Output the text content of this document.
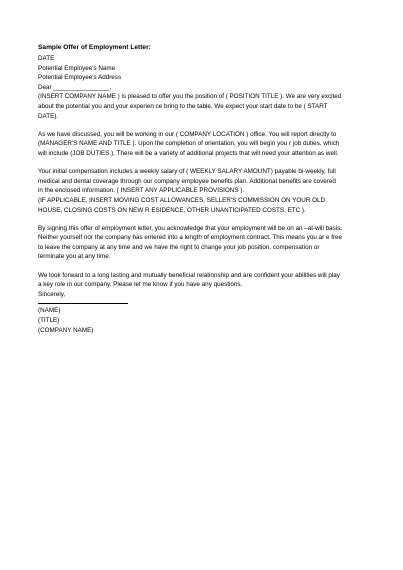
Sample Offer of Employment Letter:
DATE
Potential Employee's Name
Potential Employee's Address
Dear ________________,
(INSERT COMPANY NAME ) is pleased to offer you the position of ( POSITION TITLE ). We are very excited
about the potential you and your experien ce bring to the table. We expect your start date to be ( START
DATE).
As we have discussed, you will be working in our ( COMPANY LOCATION ) office. You will report directly to
(MANAGER'S NAME AND TITLE ). Upon the completion of orientation, you will begin you r job duties, which
will include (JOB DUTIES ). There will be a variety of additional projects that will need your attention as well.
Your initial compensation includes a weekly salary of ( WEEKLY SALARY AMOUNT) payable bi-weekly, full
medical and dental coverage through our company employee benefits plan. Additional benefits are covered
in the enclosed information. ( INSERT ANY APPLICABLE PROVISIONS ).
(IF APPLICABLE, INSERT MOVING COST ALLOWANCES, SELLER'S COMMISSION ON YOUR OLD
HOUSE, CLOSING COSTS ON NEW R ESIDENCE, OTHER UNANTICIPATED COSTS, ETC ).
By signing this offer of employment letter, you acknowledge that your employment will be on an –at-will basis.
Neither yourself nor the company has entered into a length of employment contract. This means you ar e free
to leave the company at any time and we have the right to change your job position, compensation or
terminate you at any time.
We look forward to a long lasting and mutually beneficial relationship and are confident your abilities will play
a key role in our company. Please let me know if you have any questions.
Sincerely,
(NAME)
(TITLE)
(COMPANY NAME)
